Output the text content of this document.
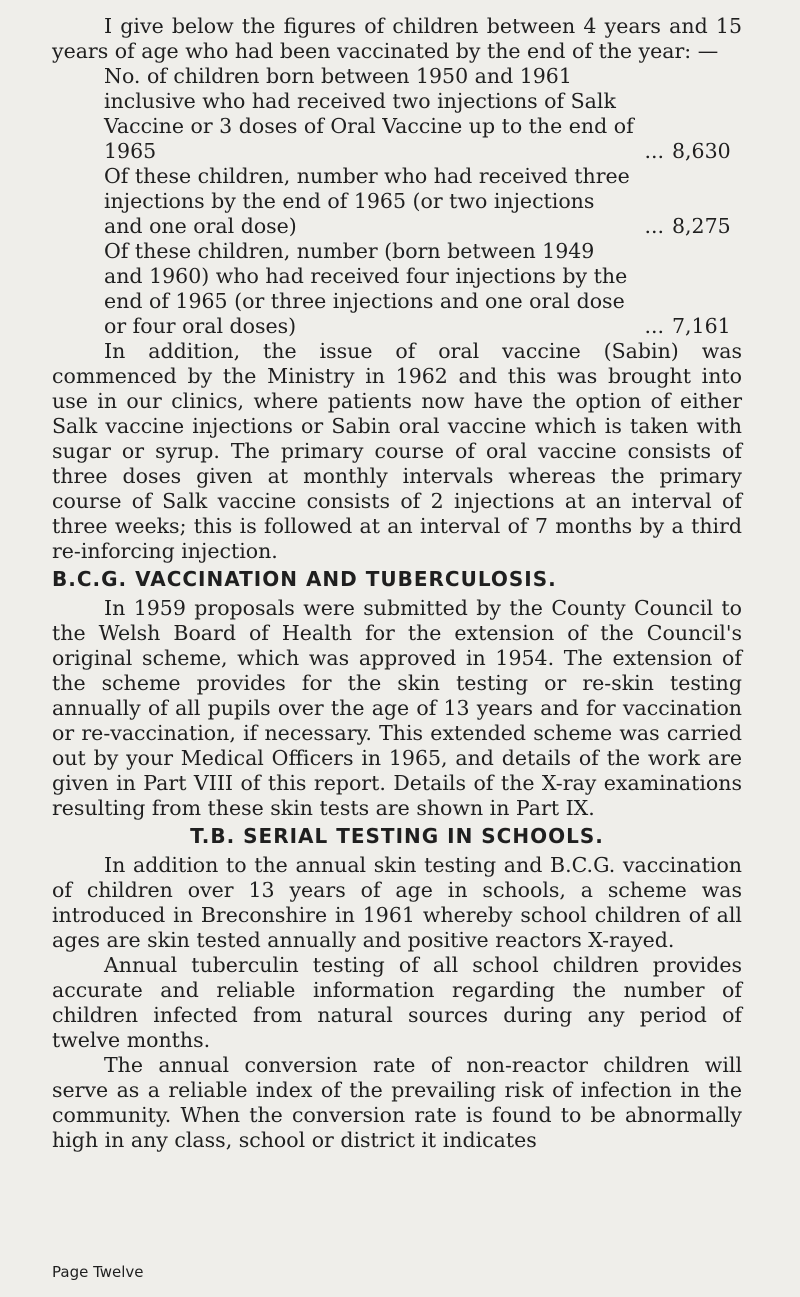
I give below the figures of children between 4 years and 15 years of age who had been vaccinated by the end of the year: —

No. of children born between 1950 and 1961 inclusive who had received two injections of Salk Vaccine or 3 doses of Oral Vaccine up to the end of 1965	... 8,630
Of these children, number who had received three injections by the end of 1965 (or two injections and one oral dose)	... 8,275
Of these children, number (born between 1949 and 1960) who had received four injections by the end of 1965 (or three injections and one oral dose or four oral doses)	... 7,161

In addition, the issue of oral vaccine (Sabin) was commenced by the Ministry in 1962 and this was brought into use in our clinics, where patients now have the option of either Salk vaccine injections or Sabin oral vaccine which is taken with sugar or syrup. The primary course of oral vaccine consists of three doses given at monthly intervals whereas the primary course of Salk vaccine consists of 2 injections at an interval of three weeks; this is followed at an interval of 7 months by a third re-inforcing injection.

B.C.G. VACCINATION AND TUBERCULOSIS.

In 1959 proposals were submitted by the County Council to the Welsh Board of Health for the extension of the Council's original scheme, which was approved in 1954. The extension of the scheme provides for the skin testing or re-skin testing annually of all pupils over the age of 13 years and for vaccination or re-vaccination, if necessary. This extended scheme was carried out by your Medical Officers in 1965, and details of the work are given in Part VIII of this report. Details of the X-ray examinations resulting from these skin tests are shown in Part IX.

T.B. SERIAL TESTING IN SCHOOLS.

In addition to the annual skin testing and B.C.G. vaccination of children over 13 years of age in schools, a scheme was introduced in Breconshire in 1961 whereby school children of all ages are skin tested annually and positive reactors X-rayed.

Annual tuberculin testing of all school children provides accurate and reliable information regarding the number of children infected from natural sources during any period of twelve months.

The annual conversion rate of non-reactor children will serve as a reliable index of the prevailing risk of infection in the community. When the conversion rate is found to be abnormally high in any class, school or district it indicates

Page Twelve
